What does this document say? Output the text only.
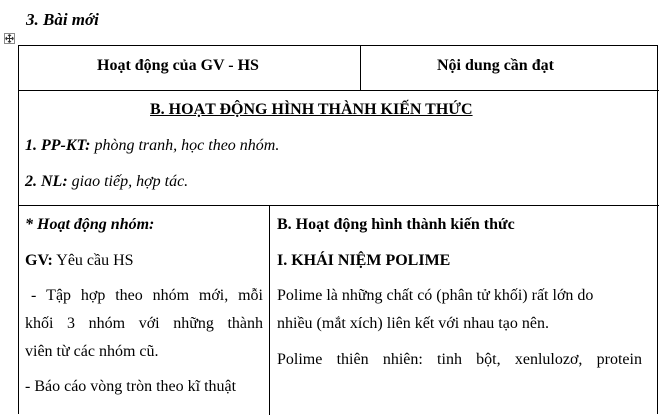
3. Bài mới
Hoạt động của GV - HS	Nội dung cần đạt
B. HOẠT ĐỘNG HÌNH THÀNH KIẾN THỨC
1. PP-KT: phòng tranh, học theo nhóm.
2. NL: giao tiếp, hợp tác.
* Hoạt động nhóm:
GV: Yêu cầu HS
- Tập hợp theo nhóm mới, mỗi
khối 3 nhóm với những thành
viên từ các nhóm cũ.
- Báo cáo vòng tròn theo kĩ thuật
B. Hoạt động hình thành kiến thức
I. KHÁI NIỆM POLIME
Polime là những chất có (phân tử khối) rất lớn do
nhiều (mắt xích) liên kết với nhau tạo nên.
Polime thiên nhiên: tinh bột, xenlulozơ, protein
